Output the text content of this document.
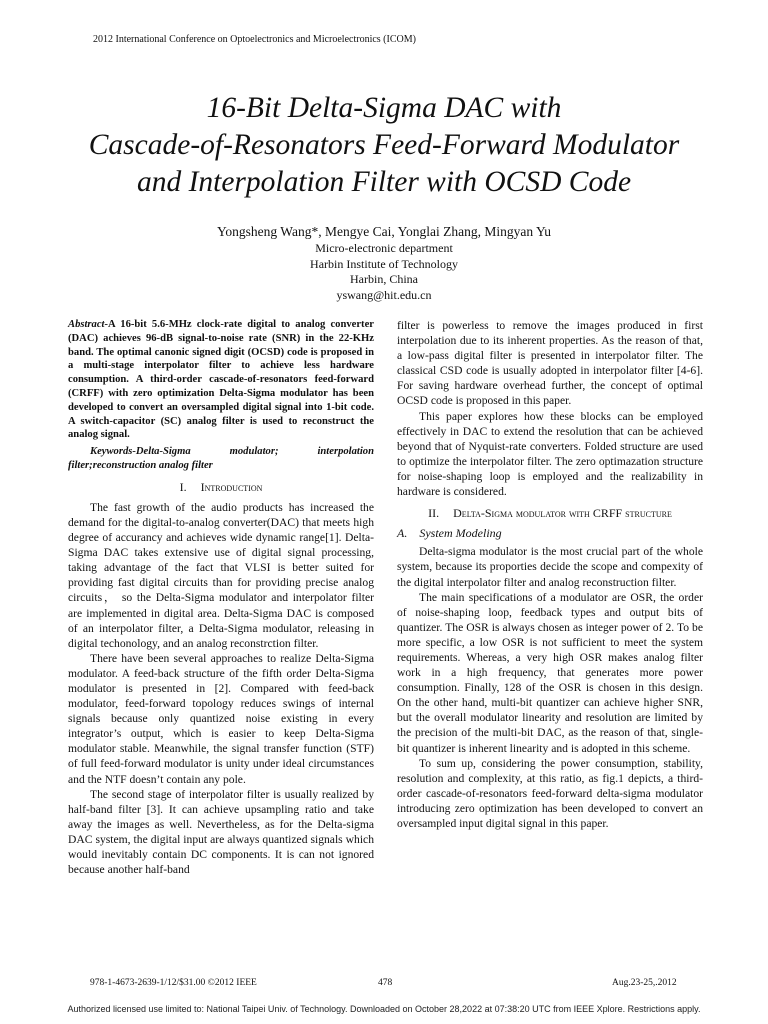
2012 International Conference on Optoelectronics and Microelectronics (ICOM)
16-Bit Delta-Sigma DAC with
Cascade-of-Resonators Feed-Forward Modulator
and Interpolation Filter with OCSD Code
Yongsheng Wang*, Mengye Cai, Yonglai Zhang, Mingyan Yu
Micro-electronic department
Harbin Institute of Technology
Harbin, China
yswang@hit.edu.cn

Abstract-A 16-bit 5.6-MHz clock-rate digital to analog converter (DAC) achieves 96-dB signal-to-noise rate (SNR) in the 22-KHz band. The optimal canonic signed digit (OCSD) code is proposed in a multi-stage interpolator filter to achieve less hardware consumption. A third-order cascade-of-resonators feed-forward (CRFF) with zero optimization Delta-Sigma modulator has been developed to convert an oversampled digital signal into 1-bit code. A switch-capacitor (SC) analog filter is used to reconstruct the analog signal.

Keywords-Delta-Sigma modulator; interpolation filter;reconstruction analog filter

I. Introduction

The fast growth of the audio products has increased the demand for the digital-to-analog converter(DAC) that meets high degree of accurancy and achieves wide dynamic range[1]. Delta-Sigma DAC takes extensive use of digital signal processing, taking advantage of the fact that VLSI is better suited for providing fast digital circuits than for providing precise analog circuits， so the Delta-Sigma modulator and interpolator filter are implemented in digital area. Delta-Sigma DAC is composed of an interpolator filter, a Delta-Sigma modulator, releasing in digital techonology, and an analog reconstrction filter.

There have been several approaches to realize Delta-Sigma modulator. A feed-back structure of the fifth order Delta-Sigma modulator is presented in [2]. Compared with feed-back modulator, feed-forward topology reduces swings of internal signals because only quantized noise existing in every integrator’s output, which is easier to keep Delta-Sigma modulator stable. Meanwhile, the signal transfer function (STF) of full feed-forward modulator is unity under ideal circumstances and the NTF doesn’t contain any pole.

The second stage of interpolator filter is usually realized by half-band filter [3]. It can achieve upsampling ratio and take away the images as well. Nevertheless, as for the Delta-sigma DAC system, the digital input are always quantized signals which would inevitably contain DC components. It is can not ignored because another half-band

filter is powerless to remove the images produced in first interpolation due to its inherent properties. As the reason of that, a low-pass digital filter is presented in interpolator filter. The classical CSD code is usually adopted in interpolator filter [4-6]. For saving hardware overhead further, the concept of optimal OCSD code is proposed in this paper.

This paper explores how these blocks can be employed effectively in DAC to extend the resolution that can be achieved beyond that of Nyquist-rate converters. Folded structure are used to optimize the interpolator filter. The zero optimazation structure for noise-shaping loop is employed and the realizability in hardware is considered.

II. Delta-Sigma modulator with CRFF structure
A. System Modeling

Delta-sigma modulator is the most crucial part of the whole system, because its proporties decide the scope and compexity of the digital interpolator filter and analog reconstruction filter.

The main specifications of a modulator are OSR, the order of noise-shaping loop, feedback types and output bits of quantizer. The OSR is always chosen as integer power of 2. To be more specific, a low OSR is not sufficient to meet the system requirements. Whereas, a very high OSR makes analog filter work in a high frequency, that generates more power consumption. Finally, 128 of the OSR is chosen in this design. On the other hand, multi-bit quantizer can achieve higher SNR, but the overall modulator linearity and resolution are limited by the precision of the multi-bit DAC, as the reason of that, single-bit quantizer is inherent linearity and is adopted in this scheme.

To sum up, considering the power consumption, stability, resolution and complexity, at this ratio, as fig.1 depicts, a third-order cascade-of-resonators feed-forward delta-sigma modulator introducing zero optimization has been developed to convert an oversampled input digital signal in this paper.

978-1-4673-2639-1/12/$31.00 ©2012 IEEE	478	Aug.23-25,.2012
Authorized licensed use limited to: National Taipei Univ. of Technology. Downloaded on October 28,2022 at 07:38:20 UTC from IEEE Xplore. Restrictions apply.
